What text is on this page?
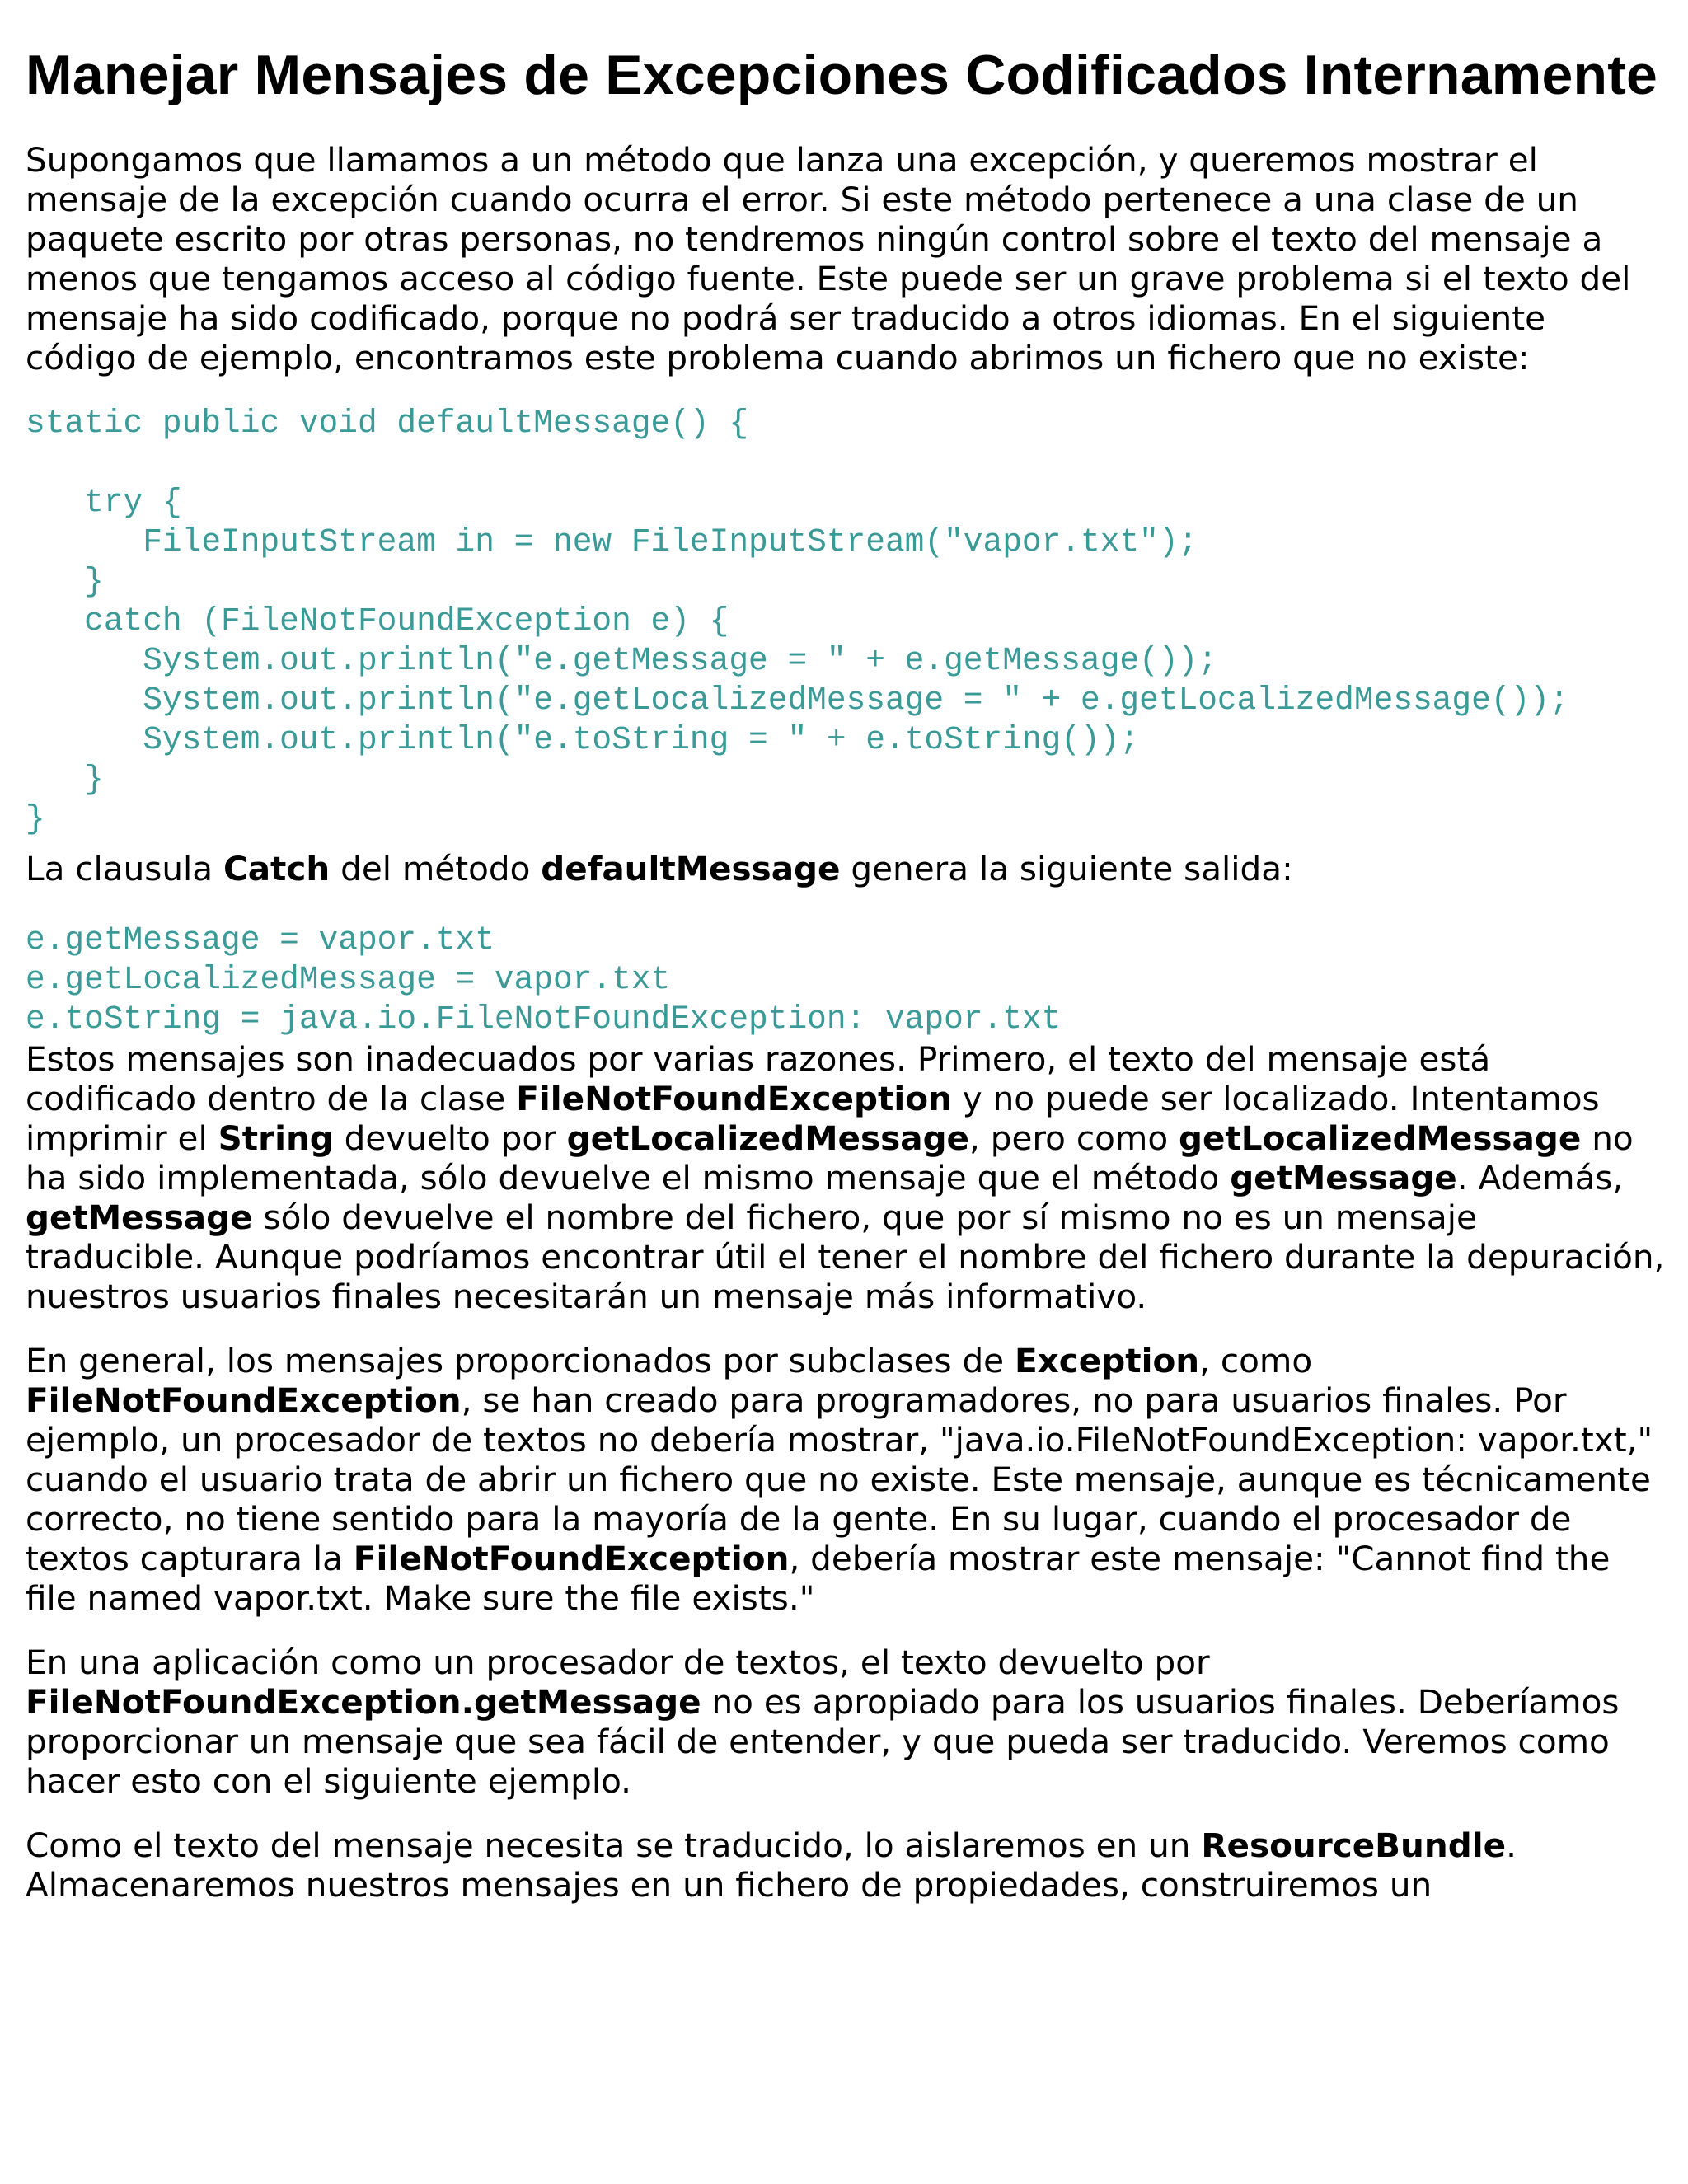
Manejar Mensajes de Excepciones Codificados Internamente

Supongamos que llamamos a un método que lanza una excepción, y queremos mostrar el mensaje de la excepción cuando ocurra el error. Si este método pertenece a una clase de un paquete escrito por otras personas, no tendremos ningún control sobre el texto del mensaje a menos que tengamos acceso al código fuente. Este puede ser un grave problema si el texto del mensaje ha sido codificado, porque no podrá ser traducido a otros idiomas. En el siguiente código de ejemplo, encontramos este problema cuando abrimos un fichero que no existe:

static public void defaultMessage() {

try {
FileInputStream in = new FileInputStream("vapor.txt");
}
catch (FileNotFoundException e) {
System.out.println("e.getMessage = " + e.getMessage());
System.out.println("e.getLocalizedMessage = " + e.getLocalizedMessage());
System.out.println("e.toString = " + e.toString());
}
}

La clausula Catch del método defaultMessage genera la siguiente salida:

e.getMessage = vapor.txt
e.getLocalizedMessage = vapor.txt
e.toString = java.io.FileNotFoundException: vapor.txt

Estos mensajes son inadecuados por varias razones. Primero, el texto del mensaje está codificado dentro de la clase FileNotFoundException y no puede ser localizado. Intentamos imprimir el String devuelto por getLocalizedMessage, pero como getLocalizedMessage no ha sido implementada, sólo devuelve el mismo mensaje que el método getMessage. Además, getMessage sólo devuelve el nombre del fichero, que por sí mismo no es un mensaje traducible. Aunque podríamos encontrar útil el tener el nombre del fichero durante la depuración, nuestros usuarios finales necesitarán un mensaje más informativo.

En general, los mensajes proporcionados por subclases de Exception, como FileNotFoundException, se han creado para programadores, no para usuarios finales. Por ejemplo, un procesador de textos no debería mostrar, "java.io.FileNotFoundException: vapor.txt," cuando el usuario trata de abrir un fichero que no existe. Este mensaje, aunque es técnicamente correcto, no tiene sentido para la mayoría de la gente. En su lugar, cuando el procesador de textos capturara la FileNotFoundException, debería mostrar este mensaje: "Cannot find the file named vapor.txt. Make sure the file exists."

En una aplicación como un procesador de textos, el texto devuelto por FileNotFoundException.getMessage no es apropiado para los usuarios finales. Deberíamos proporcionar un mensaje que sea fácil de entender, y que pueda ser traducido. Veremos como hacer esto con el siguiente ejemplo.

Como el texto del mensaje necesita se traducido, lo aislaremos en un ResourceBundle. Almacenaremos nuestros mensajes en un fichero de propiedades, construiremos un
